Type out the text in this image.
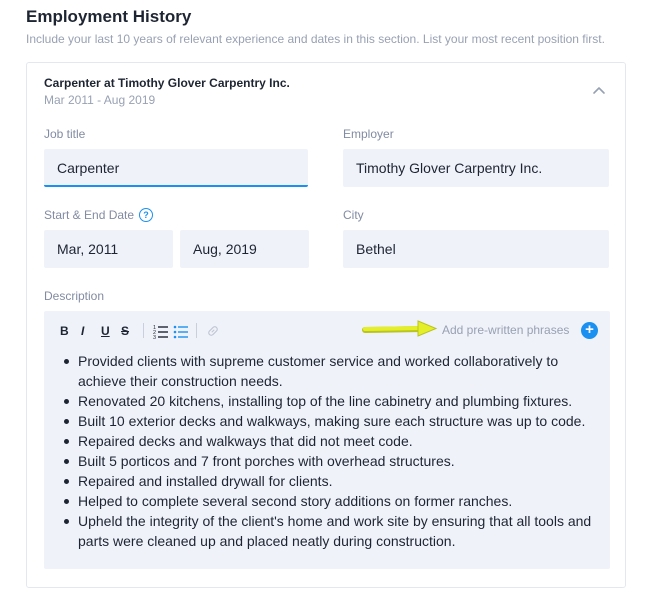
Employment History
Include your last 10 years of relevant experience and dates in this section. List your most recent position first.
Carpenter at Timothy Glover Carpentry Inc.
Mar 2011 - Aug 2019
Job title
Carpenter
Employer
Timothy Glover Carpentry Inc.
Start & End Date	?
Mar, 2011	Aug, 2019
City
Bethel
Description
B I U S	1
2
3
Add pre-written phrases +
Provided clients with supreme customer service and worked collaboratively to achieve their construction needs.
Renovated 20 kitchens, installing top of the line cabinetry and plumbing fixtures.
Built 10 exterior decks and walkways, making sure each structure was up to code.
Repaired decks and walkways that did not meet code.
Built 5 porticos and 7 front porches with overhead structures.
Repaired and installed drywall for clients.
Helped to complete several second story additions on former ranches.
Upheld the integrity of the client's home and work site by ensuring that all tools and parts were cleaned up and placed neatly during construction.
